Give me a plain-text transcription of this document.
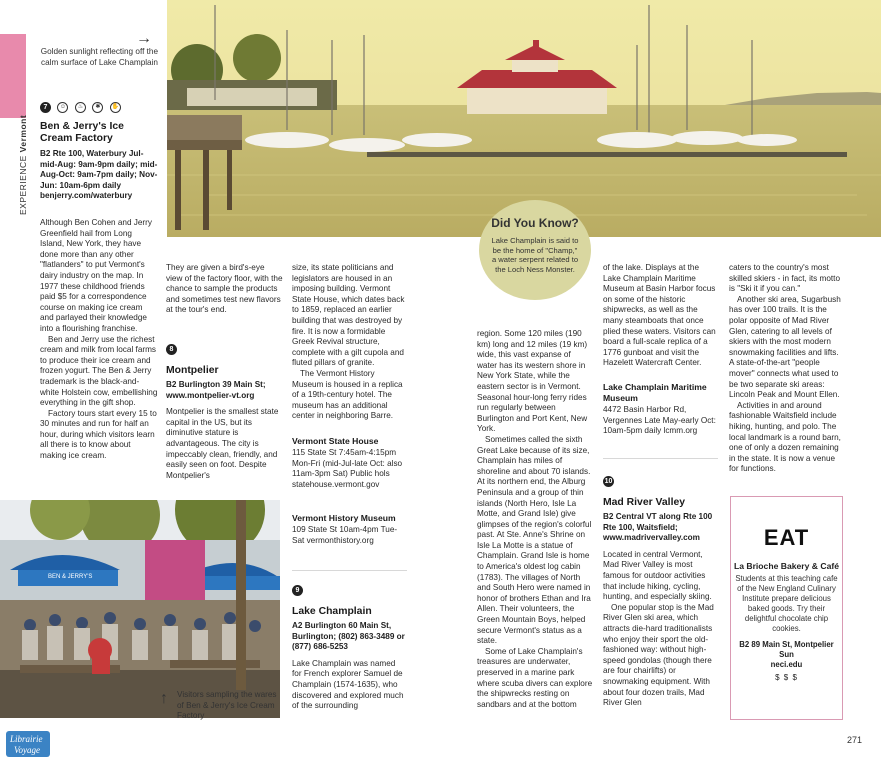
EXPERIENCE Vermont
→
Golden sunlight reflecting off the calm surface of Lake Champlain
Did You Know?
Lake Champlain is said to be the home of "Champ," a water serpent related to the Loch Ness Monster.
7 ☺ ♨ ✱ ✋
Ben & Jerry's Ice Cream Factory
B2 Rte 100, Waterbury Jul-mid-Aug: 9am-9pm daily; mid-Aug-Oct: 9am-7pm daily; Nov-Jun: 10am-6pm daily benjerry.com/waterbury

Although Ben Cohen and Jerry Greenfield hail from Long Island, New York, they have done more than any other "flatlanders" to put Vermont's dairy industry on the map. In 1977 these childhood friends paid $5 for a correspondence course on making ice cream and parlayed their knowledge into a flourishing franchise.

Ben and Jerry use the richest cream and milk from local farms to produce their ice cream and frozen yogurt. The Ben & Jerry trademark is the black-and-white Holstein cow, embellishing everything in the gift shop.

Factory tours start every 15 to 30 minutes and run for half an hour, during which visitors learn all there is to know about making ice cream.

They are given a bird's-eye view of the factory floor, with the chance to sample the products and sometimes test new flavors at the tour's end.

8
Montpelier
B2 Burlington 39 Main St; www.montpelier-vt.org

Montpelier is the smallest state capital in the US, but its diminutive stature is advantageous. The city is impeccably clean, friendly, and easily seen on foot. Despite Montpelier's

size, its state politicians and legislators are housed in an imposing building. Vermont State House, which dates back to 1859, replaced an earlier building that was destroyed by fire. It is now a formidable Greek Revival structure, complete with a gilt cupola and fluted pillars of granite.

The Vermont History Museum is housed in a replica of a 19th-century hotel. The museum has an additional center in neighboring Barre.

Vermont State House
115 State St 7:45am-4:15pm Mon-Fri (mid-Jul-late Oct: also 11am-3pm Sat) Public hols statehouse.vermont.gov
Vermont History Museum
109 State St 10am-4pm Tue-Sat vermonthistory.org
9
Lake Champlain
A2 Burlington 60 Main St, Burlington; (802) 863-3489 or (877) 686-5253

Lake Champlain was named for French explorer Samuel de Champlain (1574-1635), who discovered and explored much of the surrounding

region. Some 120 miles (190 km) long and 12 miles (19 km) wide, this vast expanse of water has its western shore in New York State, while the eastern sector is in Vermont. Seasonal hour-long ferry rides run regularly between Burlington and Port Kent, New York.

Sometimes called the sixth Great Lake because of its size, Champlain has miles of shoreline and about 70 islands. At its northern end, the Alburg Peninsula and a group of thin islands (North Hero, Isle La Motte, and Grand Isle) give glimpses of the region's colorful past. At Ste. Anne's Shrine on Isle La Motte is a statue of Champlain. Grand Isle is home to America's oldest log cabin (1783). The villages of North and South Hero were named in honor of brothers Ethan and Ira Allen. Their volunteers, the Green Mountain Boys, helped secure Vermont's status as a state.

Some of Lake Champlain's treasures are underwater, preserved in a marine park where scuba divers can explore the shipwrecks resting on sandbars and at the bottom

of the lake. Displays at the Lake Champlain Maritime Museum at Basin Harbor focus on some of the historic shipwrecks, as well as the many steamboats that once plied these waters. Visitors can board a full-scale replica of a 1776 gunboat and visit the Hazelett Watercraft Center.

Lake Champlain Maritime Museum
4472 Basin Harbor Rd, Vergennes Late May-early Oct: 10am-5pm daily lcmm.org
10
Mad River Valley
B2 Central VT along Rte 100 Rte 100, Waitsfield; www.madrivervalley.com

Located in central Vermont, Mad River Valley is most famous for outdoor activities that include hiking, cycling, hunting, and especially skiing.

One popular stop is the Mad River Glen ski area, which attracts die-hard traditionalists who enjoy their sport the old-fashioned way: without high-speed gondolas (though there are four chairlifts) or snowmaking equipment. With about four dozen trails, Mad River Glen

caters to the country's most skilled skiers - in fact, its motto is "Ski it if you can."

Another ski area, Sugarbush has over 100 trails. It is the polar opposite of Mad River Glen, catering to all levels of skiers with the most modern snowmaking facilities and lifts. A state-of-the-art "people mover" connects what used to be two separate ski areas: Lincoln Peak and Mount Ellen.

Activities in and around fashionable Waitsfield include hiking, hunting, and polo. The local landmark is a round barn, one of only a dozen remaining in the state. It is now a venue for functions.

EAT
La Brioche Bakery & Café
Students at this teaching cafe of the New England Culinary Institute prepare delicious baked goods. Try their delightful chocolate chip cookies.
B2 89 Main St, Montpelier Sun
neci.edu
$ $ $
BEN & JERRY'S
↑ Visitors sampling the wares of Ben & Jerry's Ice Cream Factory
Librairie
Voyage
271
